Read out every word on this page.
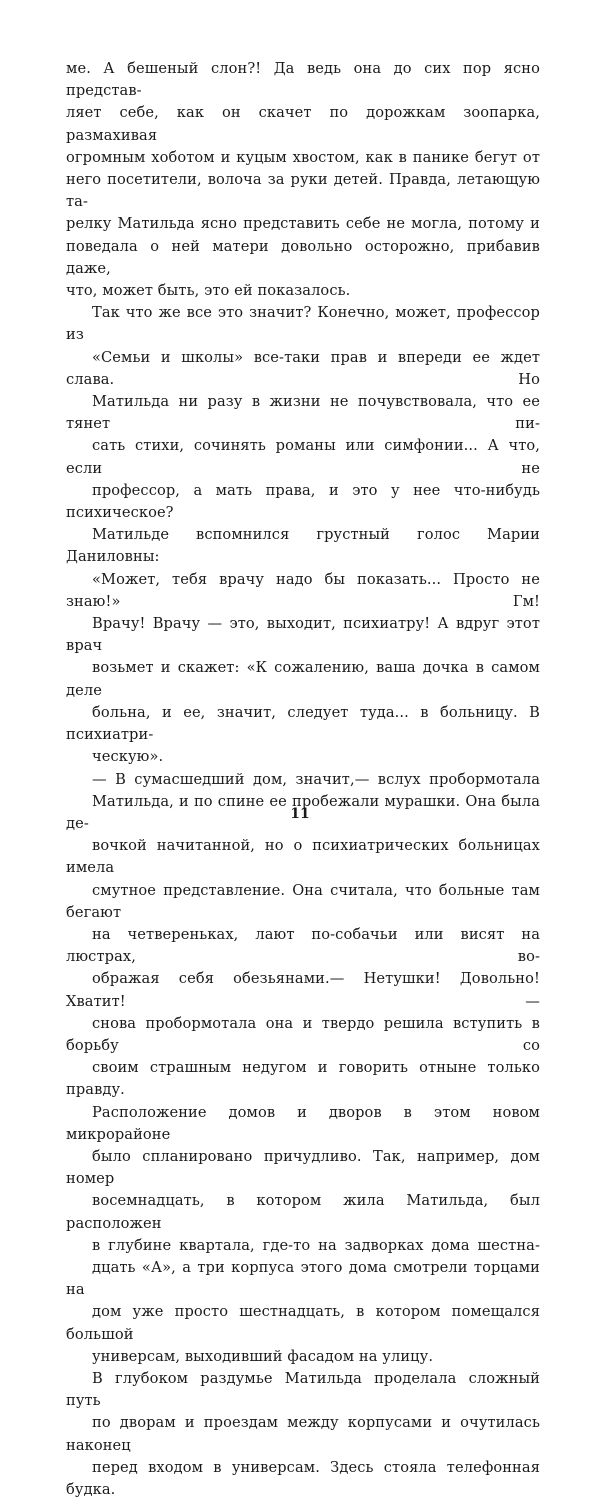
ме. А бешеный слон?! Да ведь она до сих пор ясно представ-
ляет себе, как он скачет по дорожкам зоопарка, размахивая
огромным хоботом и куцым хвостом, как в панике бегут от
него посетители, волоча за руки детей. Правда, летающую та-
релку Матильда ясно представить себе не могла, потому и
поведала о ней матери довольно осторожно, прибавив даже,
что, может быть, это ей показалось.

Так что же все это значит? Конечно, может, профессор из
«Семьи и школы» все-таки прав и впереди ее ждет слава. Но
Матильда ни разу в жизни не почувствовала, что ее тянет пи-
сать стихи, сочинять романы или симфонии... А что, если не
профессор, а мать права, и это у нее что-нибудь психическое?
Матильде вспомнился грустный голос Марии Даниловны:
«Может, тебя врачу надо бы показать... Просто не знаю!» Гм!
Врачу! Врачу — это, выходит, психиатру! А вдруг этот врач
возьмет и скажет: «К сожалению, ваша дочка в самом деле
больна, и ее, значит, следует туда... в больницу. В психиатри-
ческую».

— В сумасшедший дом, значит,— вслух пробормотала
Матильда, и по спине ее пробежали мурашки. Она была де-
вочкой начитанной, но о психиатрических больницах имела
смутное представление. Она считала, что больные там бегают
на четвереньках, лают по-собачьи или висят на люстрах, во-
ображая себя обезьянами.— Нетушки! Довольно! Хватит! —
снова пробормотала она и твердо решила вступить в борьбу со
своим страшным недугом и говорить отныне только правду.

Расположение домов и дворов в этом новом микрорайоне
было спланировано причудливо. Так, например, дом номер
восемнадцать, в котором жила Матильда, был расположен
в глубине квартала, где-то на задворках дома шестна-
дцать «А», а три корпуса этого дома смотрели торцами на
дом уже просто шестнадцать, в котором помещался большой
универсам, выходивший фасадом на улицу.

В глубоком раздумье Матильда проделала сложный путь
по дворам и проездам между корпусами и очутилась наконец
перед входом в универсам. Здесь стояла телефонная будка.

11
